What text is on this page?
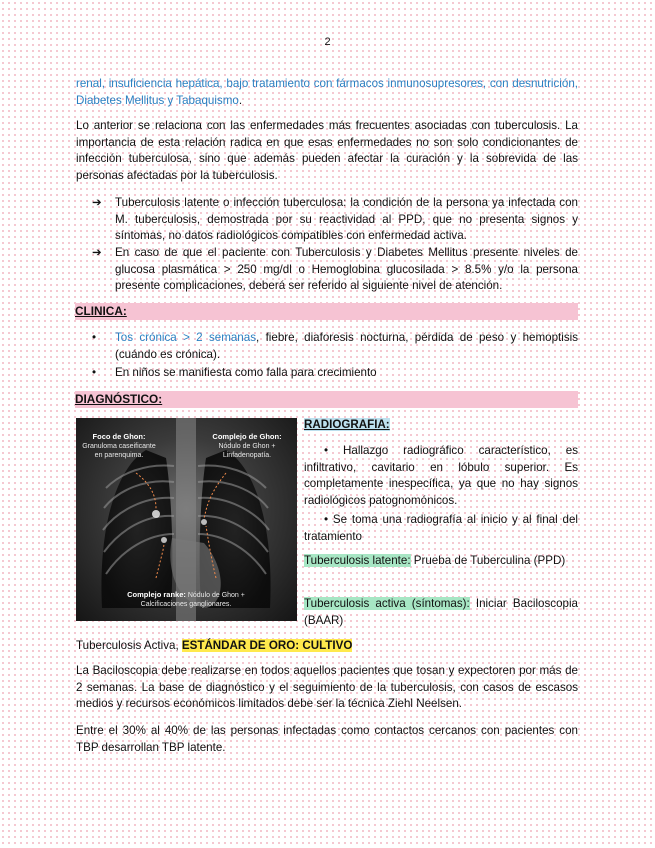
2
renal, insuficiencia hepática, bajo tratamiento con fármacos inmunosupresores, con desnutrición, Diabetes Mellitus y Tabaquismo.
Lo anterior se relaciona con las enfermedades más frecuentes asociadas con tuberculosis. La importancia de esta relación radica en que esas enfermedades no son solo condicionantes de infección tuberculosa, sino que además pueden afectar la curación y la sobrevida de las personas afectadas por la tuberculosis.
➔ Tuberculosis latente o infección tuberculosa: la condición de la persona ya infectada con M. tuberculosis, demostrada por su reactividad al PPD, que no presenta signos y síntomas, no datos radiológicos compatibles con enfermedad activa.
➔ En caso de que el paciente con Tuberculosis y Diabetes Mellitus presente niveles de glucosa plasmática > 250 mg/dl o Hemoglobina glucosilada > 8.5% y/o la persona presente complicaciones, deberá ser referido al siguiente nivel de atención.
CLINICA:
• Tos crónica > 2 semanas, fiebre, diaforesis nocturna, pérdida de peso y hemoptisis (cuándo es crónica).
• En niños se manifiesta como falla para crecimiento
DIAGNÓSTICO:
Foco de Ghon:
Granuloma caseificante en parenquima.
Complejo de Ghon:
Nódulo de Ghon + Linfadenopatía.
Complejo ranke: Nódulo de Ghon + Calcificaciones ganglionares.
RADIOGRAFIA:
• Hallazgo radiográfico característico, es infiltrativo, cavitario en lóbulo superior. Es completamente inespecífica, ya que no hay signos radiológicos patognomónicos.
• Se toma una radiografía al inicio y al final del tratamiento
Tuberculosis latente: Prueba de Tuberculina (PPD)
Tuberculosis activa (síntomas): Iniciar Baciloscopia (BAAR)
Tuberculosis Activa, ESTÁNDAR DE ORO: CULTIVO
La Baciloscopia debe realizarse en todos aquellos pacientes que tosan y expectoren por más de 2 semanas. La base de diagnóstico y el seguimiento de la tuberculosis, con casos de escasos medios y recursos económicos limitados debe ser la técnica Ziehl Neelsen.
Entre el 30% al 40% de las personas infectadas como contactos cercanos con pacientes con TBP desarrollan TBP latente.
